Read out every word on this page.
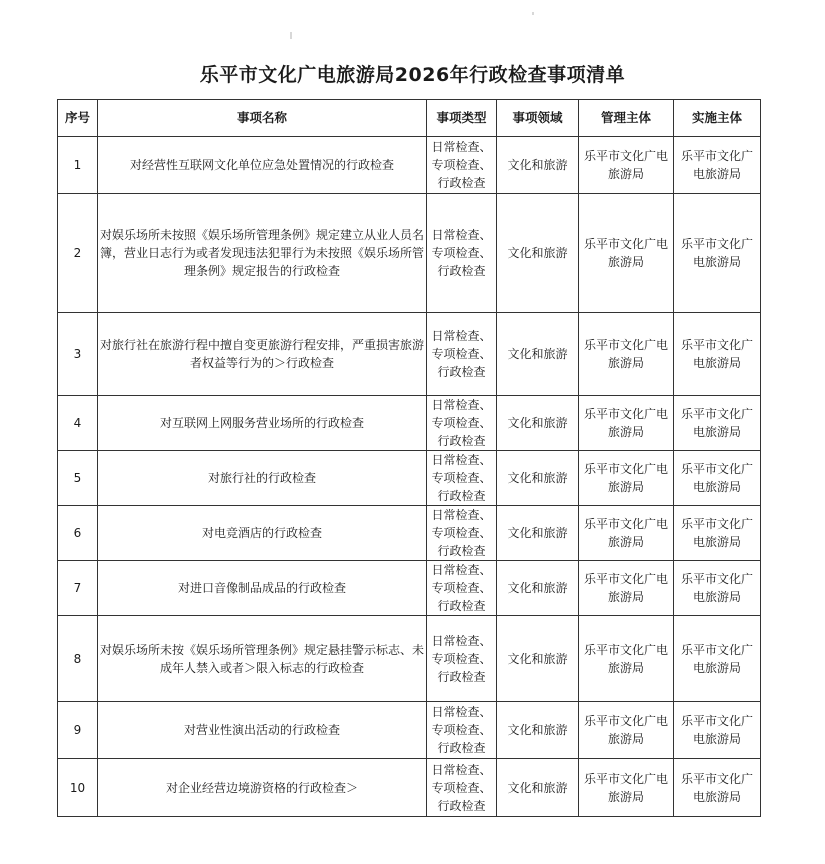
乐平市文化广电旅游局2026年行政检查事项清单
序号	事项名称	事项类型	事项领域	管理主体	实施主体
1	对经营性互联网文化单位应急处置情况的行政检查	日常检查、专项检查、行政检查	文化和旅游	乐平市文化广电旅游局	乐平市文化广电旅游局
2	对娱乐场所未按照《娱乐场所管理条例》规定建立从业人员名簿，营业日志行为或者发现违法犯罪行为未按照《娱乐场所管理条例》规定报告的行政检查	日常检查、专项检查、行政检查	文化和旅游	乐平市文化广电旅游局	乐平市文化广电旅游局
3	对旅行社在旅游行程中擅自变更旅游行程安排，严重损害旅游者权益等行为的＞行政检查	日常检查、专项检查、行政检查	文化和旅游	乐平市文化广电旅游局	乐平市文化广电旅游局
4	对互联网上网服务营业场所的行政检查	日常检查、专项检查、行政检查	文化和旅游	乐平市文化广电旅游局	乐平市文化广电旅游局
5	对旅行社的行政检查	日常检查、专项检查、行政检查	文化和旅游	乐平市文化广电旅游局	乐平市文化广电旅游局
6	对电竞酒店的行政检查	日常检查、专项检查、行政检查	文化和旅游	乐平市文化广电旅游局	乐平市文化广电旅游局
7	对进口音像制品成品的行政检查	日常检查、专项检查、行政检查	文化和旅游	乐平市文化广电旅游局	乐平市文化广电旅游局
8	对娱乐场所未按《娱乐场所管理条例》规定悬挂警示标志、未成年人禁入或者＞限入标志的行政检查	日常检查、专项检查、行政检查	文化和旅游	乐平市文化广电旅游局	乐平市文化广电旅游局
9	对营业性演出活动的行政检查	日常检查、专项检查、行政检查	文化和旅游	乐平市文化广电旅游局	乐平市文化广电旅游局
10	对企业经营边境游资格的行政检查＞	日常检查、专项检查、行政检查	文化和旅游	乐平市文化广电旅游局	乐平市文化广电旅游局
